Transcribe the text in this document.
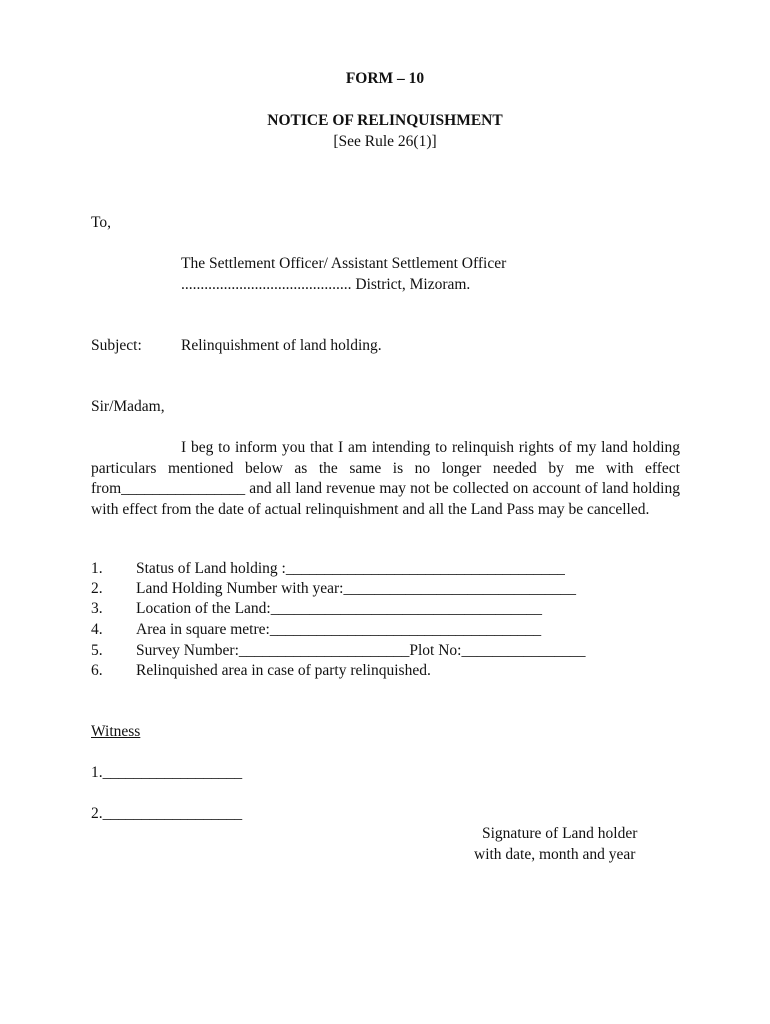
FORM – 10
NOTICE OF RELINQUISHMENT
[See Rule 26(1)]
To,
The Settlement Officer/ Assistant Settlement Officer
............................................ District, Mizoram.
Subject:	Relinquishment of land holding.
Sir/Madam,
I beg to inform you that I am intending to relinquish rights of my land holding particulars mentioned below as the same is no longer needed by me with effect from________________ and all land revenue may not be collected on account of land holding with effect from the date of actual relinquishment and all the Land Pass may be cancelled.
1. Status of Land holding :____________________________________
2. Land Holding Number with year:______________________________
3. Location of the Land:___________________________________
4. Area in square metre:___________________________________
5. Survey Number:______________________Plot No:________________
6. Relinquished area in case of party relinquished.
Witness
1.__________________
2.__________________
Signature of Land holder
with date, month and year
